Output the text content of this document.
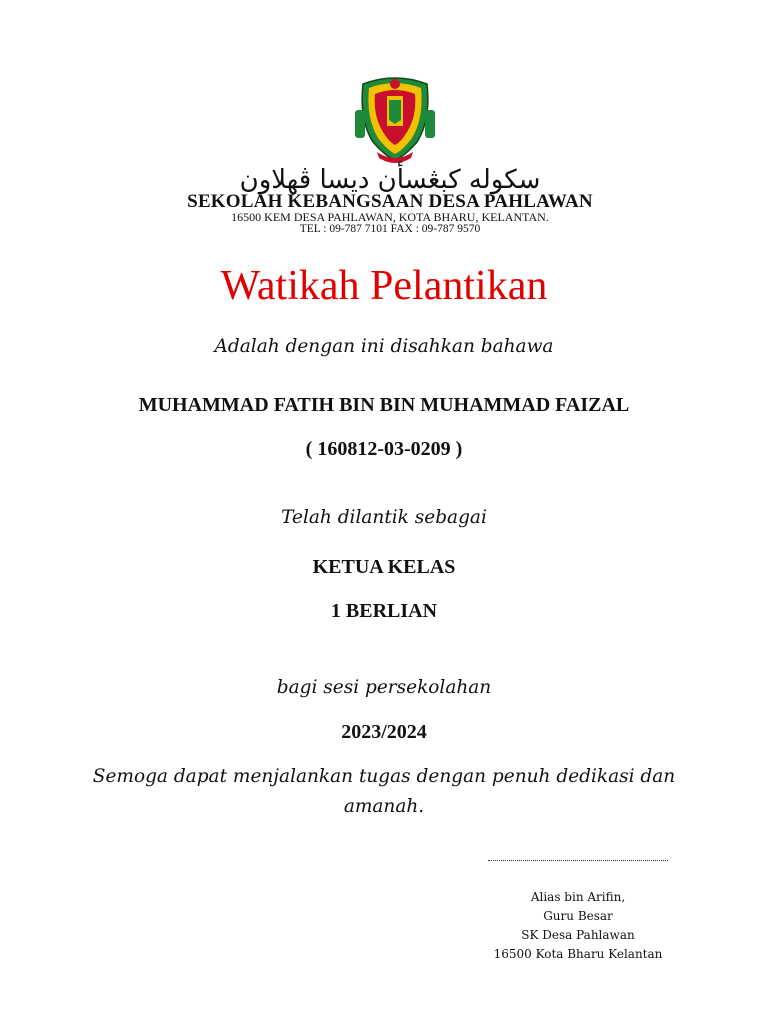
سكوله كبڠسأن ديسا ڤهلاون
SEKOLAH KEBANGSAAN DESA PAHLAWAN
16500 KEM DESA PAHLAWAN, KOTA BHARU, KELANTAN.
TEL : 09-787 7101 FAX : 09-787 9570
Watikah Pelantikan
Adalah dengan ini disahkan bahawa
MUHAMMAD FATIH BIN BIN MUHAMMAD FAIZAL
( 160812-03-0209 )
Telah dilantik sebagai
KETUA KELAS
1 BERLIAN
bagi sesi persekolahan
2023/2024
Semoga dapat menjalankan tugas dengan penuh dedikasi dan amanah.
Alias bin Arifin,
Guru Besar
SK Desa Pahlawan
16500 Kota Bharu Kelantan
